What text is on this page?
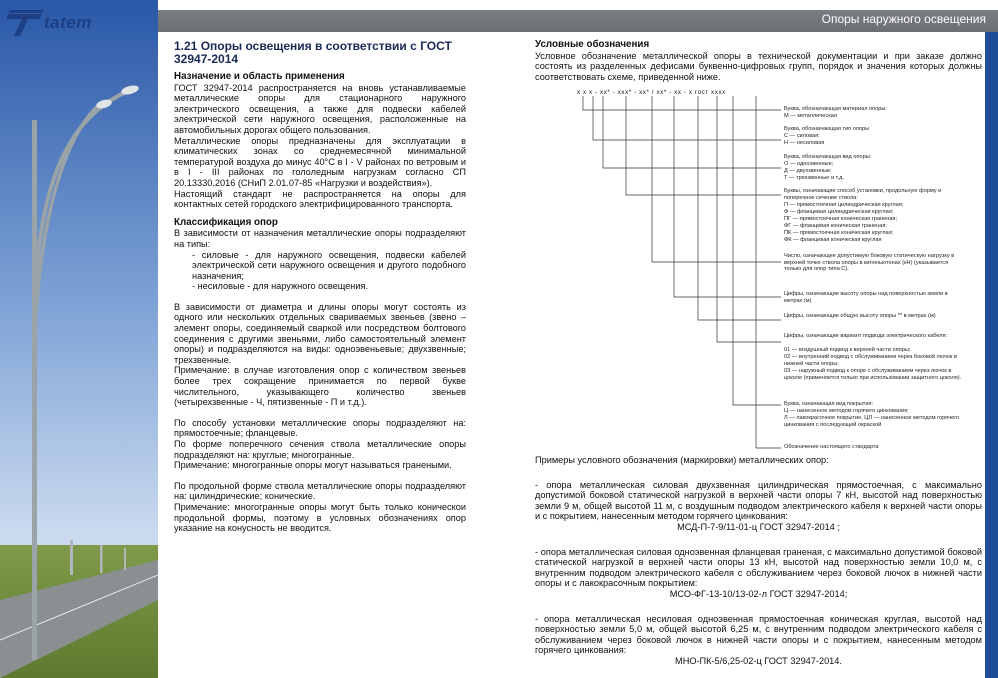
tatem	Опоры наружного освещения
1.21 Опоры освещения в соответствии с ГОСТ 32947-2014
Назначение и область применения

ГОСТ 32947-2014 распространяется на вновь устанавливаемые металлические опоры для стационарного наружного электрического освещения, а также для подвески кабелей электрической сети наружного освещения, расположенные на автомобильных дорогах общего пользования.

Металлические опоры предназначены для эксплуатации в климатических зонах со среднемесячной минимальной температурой воздуха до минус 40°С в I - V районах по ветровым и в I - III районах по гололедным нагрузкам согласно СП 20.13330.2016 (СНиП 2.01.07-85 «Нагрузки и воздействия»).

Настоящий стандарт не распространяется на опоры для контактных сетей городского электрифицированного транспорта.

Классификация опор

В зависимости от назначения металлические опоры подразделяют на типы:

- силовые - для наружного освещения, подвески кабелей электрической сети наружного освещения и другого подобного назначения;

- несиловые - для наружного освещения.

В зависимости от диаметра и длины опоры могут состоять из одного или нескольких отдельных свариваемых звеньев (звено – элемент опоры, соединяемый сваркой или посредством болтового соединения с другими звеньями, либо самостоятельный элемент опоры) и подразделяются на виды: одноэвеньевые; двухзвенные; трехзвенные.

Примечание: в случае изготовления опор с количеством звеньев более трех сокращение принимается по первой букве числительного, указывающего количество звеньев (четырехзвенные - Ч, пятизвенные - П и т.д.).

По способу установки металлические опоры подразделяют на: прямостоечные; фланцевые.

По форме поперечного сечения ствола металлические опоры подразделяют на: круглые; многогранные.

Примечание: многогранные опоры могут называться гранеными.

По продольной форме ствола металлические опоры подразделяют на: цилиндрические; конические.

Примечание: многогранные опоры могут быть только коническои продольной формы, поэтому в условных обозначениях опор указание на конусность не вводится.

Условные обозначения

Условное обозначение металлической опоры в технической документации и при заказе должно состоять из разделенных дефисами буквенно-цифровых групп, порядок и значения которых должны соответствовать схеме, приведенной ниже.

х х х - хх* - ххх* - хх* / хх* - хх - х гост хххх
Буква, обозначающая материал опоры:
М — металлическая
Буква, обозначающая тип опоры
С — силовая;
Н — несиловая
Буква, обозначающая вид опоры:
О — одноэвенные;
Д — двухзвенные;
Т — трехзвенные и т.д.
Буквы, означающие способ установки, продольную форму и поперечное сечение ствола:
П — прямостоечная цилиндрическая круглая;
Ф — фланцевая цилиндрическая круглая;
ПГ — прямостоечная коническая граненая;
ФГ — фланцевая коническая граненая;
ПК — прямостоечная коническая круглая;
ФК — фланцевая коническая круглая
Число, означающее допустимую боковую статическую нагрузку в верхней точке ствола опоры в килоньютонах (кН) (указывается только для опор типа С).
Цифры, означающие высоту опоры над поверхностью земли в метрах (м)
Цифры, означающие общую высоту опоры ** в метрах (м)
Цифры, означающие вариант подвода электрического кабеля:
01 — воздушный подвод к верхней части опоры;
02 — внутренний подвод с обслуживанием через боковой лючок в нижней части опоры;
03 — наружный подвод к опоре с обслуживанием через лючок в цоколе (применяется только при использовании защитного цоколя).
Буква, означающая вид покрытия:
Ц — нанесенное методом горячего цинкования;
Л — лакокрасочное покрытие, ЦЛ — нанесенное методом горячего цинкования с последующей окраской
Обозначение настоящего стандарта

Примеры условного обозначения (маркировки) металлических опор:

- опора металлическая силовая двухзвенная цилиндрическая прямостоечная, с максимально допустимой боковой статической нагрузкой в верхней части опоры 7 кН, высотой над поверхностью земли 9 м, общей высотой 11 м, с воздушным подводом электрического кабеля к верхней части опоры и с покрытием, нанесенным методом горячего цинкования:

МСД-П-7-9/11-01-ц ГОСТ 32947-2014 ;

- опора металлическая силовая одноэвенная фланцевая граненая, с максимально допустимой боковой статической нагрузкой в верхней части опоры 13 кН, высотой над поверхностью земли 10,0 м, с внутренним подводом электрического кабеля с обслуживанием через боковой лючок в нижней части опоры и с лакокрасочным покрытием:

МСО-ФГ-13-10/13-02-л ГОСТ 32947-2014;

- опора металлическая несиловая одноэвенная прямостоечная коническая круглая, высотой над поверхностью земли 5,0 м, общей высотой 6,25 м, с внутренним подводом электрического кабеля с обслуживанием через боковой лючок в нижней части опоры и с покрытием, нанесенным методом горячего цинкования:

МНО-ПК-5/6,25-02-ц ГОСТ 32947-2014.
